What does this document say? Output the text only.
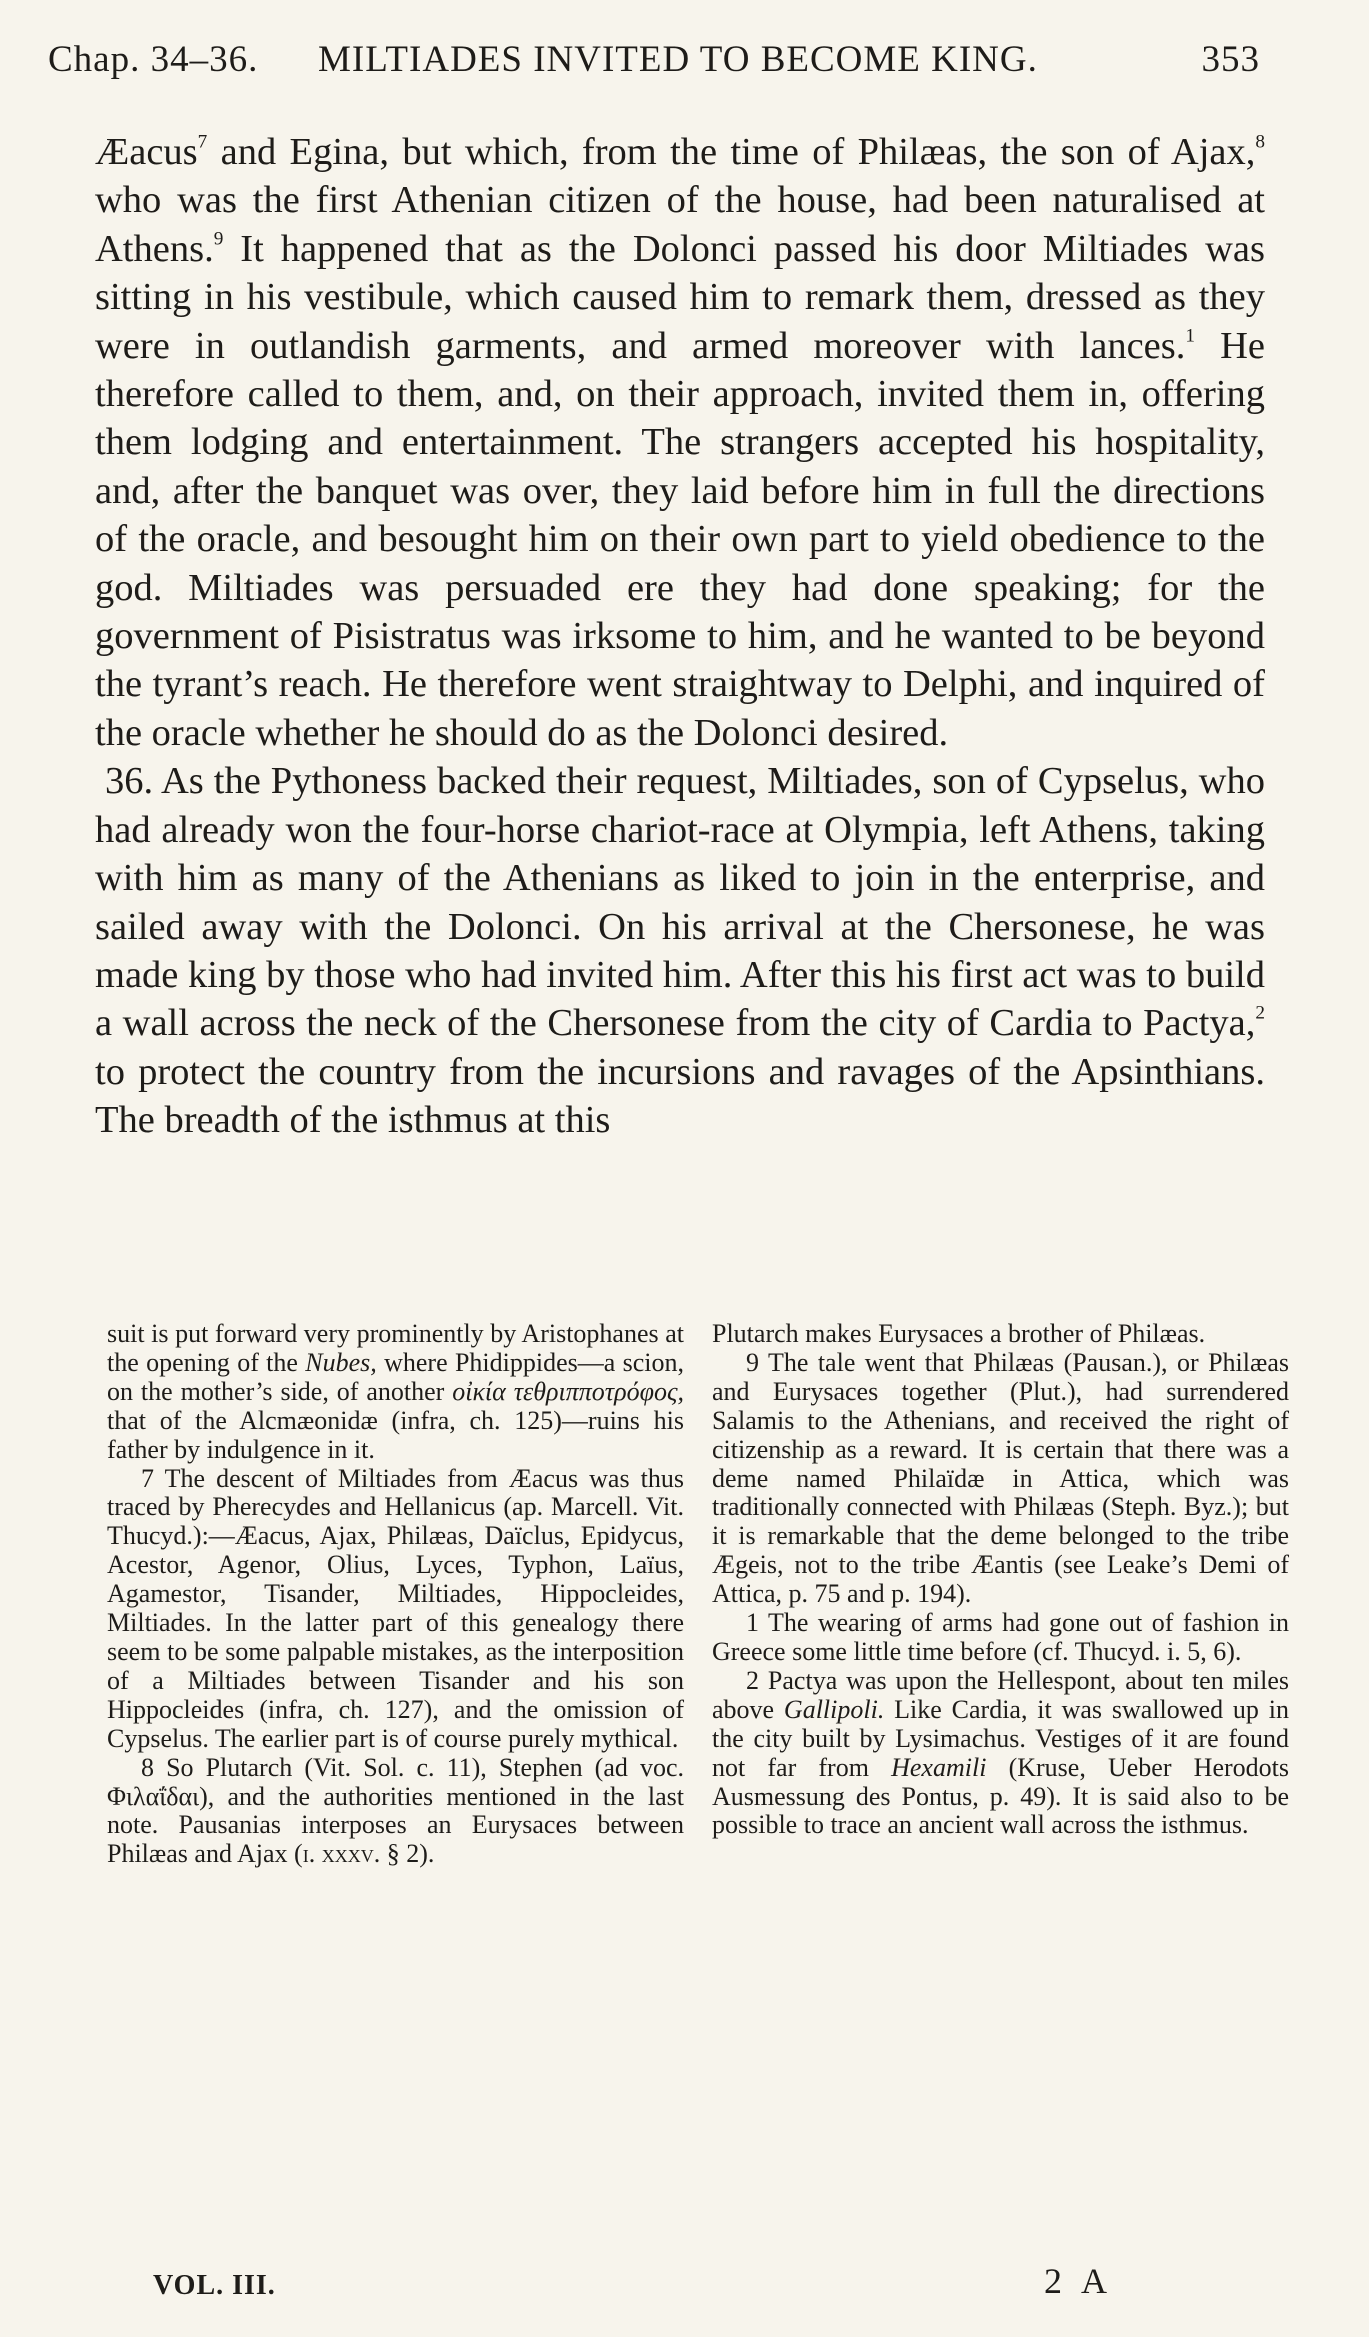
Chap. 34–36. MILTIADES INVITED TO BECOME KING.	353

Æacus$^7$ and Egina, but which, from the time of Philæas, the son of Ajax,$^8$ who was the first Athenian citizen of the house, had been naturalised at Athens.$^9$ It happened that as the Dolonci passed his door Miltiades was sitting in his vestibule, which caused him to remark them, dressed as they were in outlandish garments, and armed moreover with lances.$^1$ He therefore called to them, and, on their approach, invited them in, offering them lodging and entertainment. The strangers accepted his hospitality, and, after the banquet was over, they laid before him in full the directions of the oracle, and besought him on their own part to yield obedience to the god. Miltiades was persuaded ere they had done speaking; for the government of Pisistratus was irksome to him, and he wanted to be beyond the tyrant’s reach. He therefore went straightway to Delphi, and inquired of the oracle whether he should do as the Dolonci desired.

36. As the Pythoness backed their request, Miltiades, son of Cypselus, who had already won the four-horse chariot-race at Olympia, left Athens, taking with him as many of the Athenians as liked to join in the enterprise, and sailed away with the Dolonci. On his arrival at the Chersonese, he was made king by those who had invited him. After this his first act was to build a wall across the neck of the Chersonese from the city of Cardia to Pactya,$^2$ to protect the country from the incursions and ravages of the Apsinthians. The breadth of the isthmus at this

suit is put forward very prominently by Aristophanes at the opening of the Nubes, where Phidippides—a scion, on the mother’s side, of another οἰκία τεθριπποτρόφος, that of the Alcmæonidæ (infra, ch. 125)—ruins his father by indulgence in it.

7 The descent of Miltiades from Æacus was thus traced by Pherecydes and Hellanicus (ap. Marcell. Vit. Thucyd.):—Æacus, Ajax, Philæas, Daïclus, Epidycus, Acestor, Agenor, Olius, Lyces, Typhon, Laïus, Agamestor, Tisander, Miltiades, Hippocleides, Miltiades. In the latter part of this genealogy there seem to be some palpable mistakes, as the interposition of a Miltiades between Tisander and his son Hippocleides (infra, ch. 127), and the omission of Cypselus. The earlier part is of course purely mythical.

8 So Plutarch (Vit. Sol. c. 11), Stephen (ad voc. Φιλαΐδαι), and the authorities mentioned in the last note. Pausanias interposes an Eurysaces between Philæas and Ajax (i. xxxv. § 2).

Plutarch makes Eurysaces a brother of Philæas.

9 The tale went that Philæas (Pausan.), or Philæas and Eurysaces together (Plut.), had surrendered Salamis to the Athenians, and received the right of citizenship as a reward. It is certain that there was a deme named Philaïdæ in Attica, which was traditionally connected with Philæas (Steph. Byz.); but it is remarkable that the deme belonged to the tribe Ægeis, not to the tribe Æantis (see Leake’s Demi of Attica, p. 75 and p. 194).

1 The wearing of arms had gone out of fashion in Greece some little time before (cf. Thucyd. i. 5, 6).

2 Pactya was upon the Hellespont, about ten miles above Gallipoli. Like Cardia, it was swallowed up in the city built by Lysimachus. Vestiges of it are found not far from Hexamili (Kruse, Ueber Herodots Ausmessung des Pontus, p. 49). It is said also to be possible to trace an ancient wall across the isthmus.

VOL. III.	2 A
